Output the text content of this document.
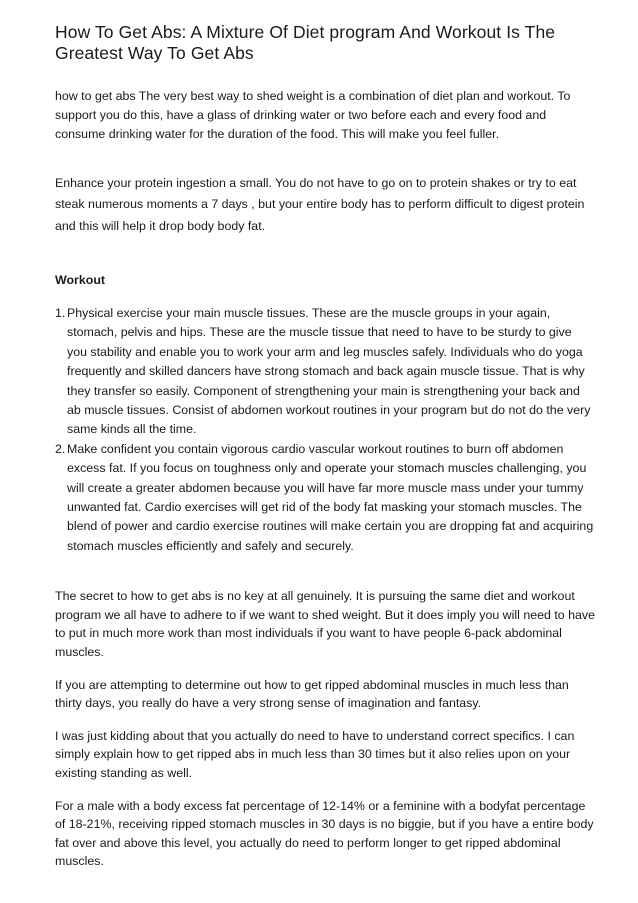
How To Get Abs: A Mixture Of Diet program And Workout Is The Greatest Way To Get Abs

how to get abs The very best way to shed weight is a combination of diet plan and workout. To support you do this, have a glass of drinking water or two before each and every food and consume drinking water for the duration of the food. This will make you feel fuller.

Enhance your protein ingestion a small. You do not have to go on to protein shakes or try to eat steak numerous moments a 7 days , but your entire body has to perform difficult to digest protein and this will help it drop body body fat.

Workout
1. Physical exercise your main muscle tissues. These are the muscle groups in your again, stomach, pelvis and hips. These are the muscle tissue that need to have to be sturdy to give you stability and enable you to work your arm and leg muscles safely. Individuals who do yoga frequently and skilled dancers have strong stomach and back again muscle tissue. That is why they transfer so easily. Component of strengthening your main is strengthening your back and ab muscle tissues. Consist of abdomen workout routines in your program but do not do the very same kinds all the time.
2. Make confident you contain vigorous cardio vascular workout routines to burn off abdomen excess fat. If you focus on toughness only and operate your stomach muscles challenging, you will create a greater abdomen because you will have far more muscle mass under your tummy unwanted fat. Cardio exercises will get rid of the body fat masking your stomach muscles. The blend of power and cardio exercise routines will make certain you are dropping fat and acquiring stomach muscles efficiently and safely and securely.

The secret to how to get abs is no key at all genuinely. It is pursuing the same diet and workout program we all have to adhere to if we want to shed weight. But it does imply you will need to have to put in much more work than most individuals if you want to have people 6-pack abdominal muscles.

If you are attempting to determine out how to get ripped abdominal muscles in much less than thirty days, you really do have a very strong sense of imagination and fantasy.

I was just kidding about that you actually do need to have to understand correct specifics. I can simply explain how to get ripped abs in much less than 30 times but it also relies upon on your existing standing as well.

For a male with a body excess fat percentage of 12-14% or a feminine with a bodyfat percentage of 18-21%, receiving ripped stomach muscles in 30 days is no biggie, but if you have a entire body fat over and above this level, you actually do need to perform longer to get ripped abdominal muscles.
